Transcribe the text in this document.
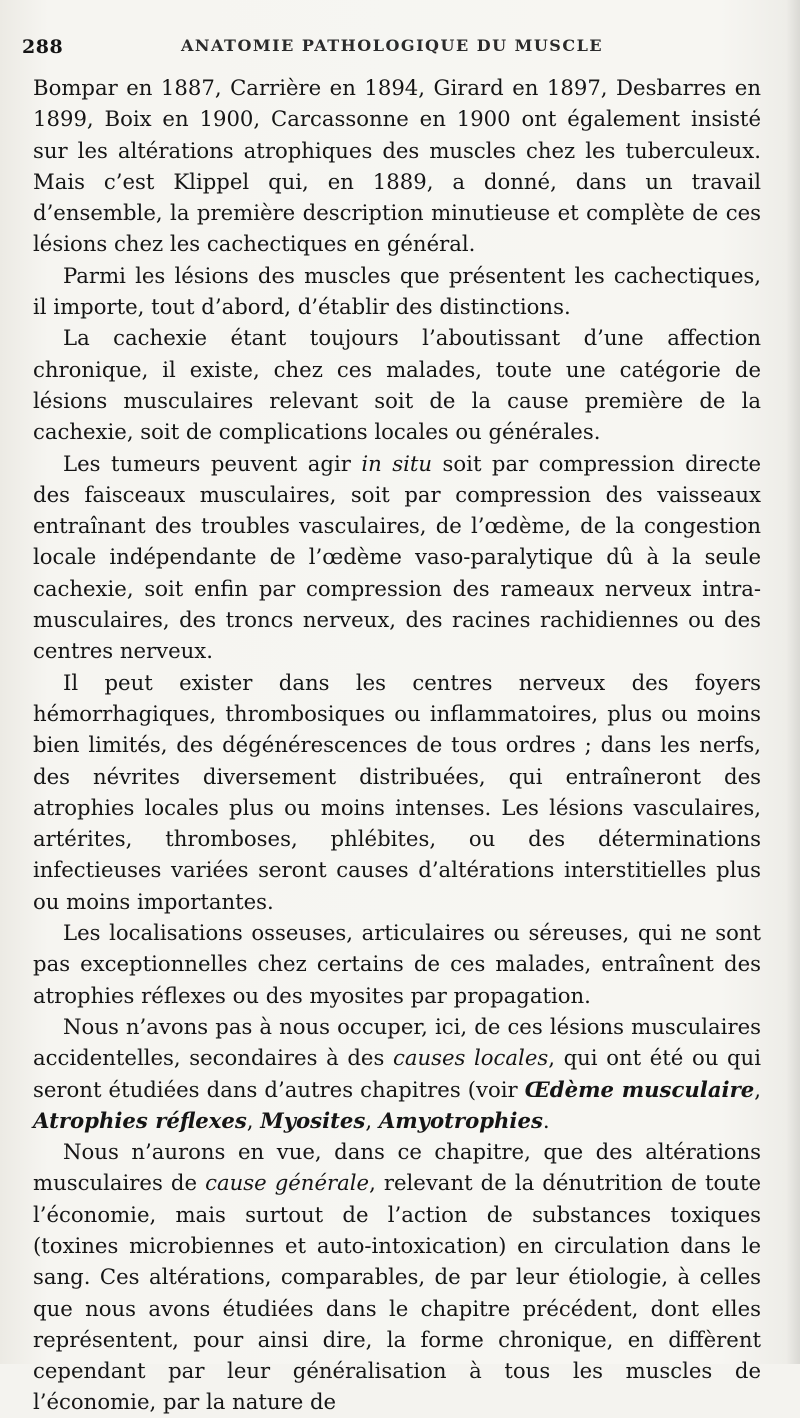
288	ANATOMIE PATHOLOGIQUE DU MUSCLE

Bompar en 1887, Carrière en 1894, Girard en 1897, Desbarres en 1899, Boix en 1900, Carcassonne en 1900 ont également insisté sur les altérations atrophiques des muscles chez les tuberculeux. Mais c’est Klippel qui, en 1889, a donné, dans un travail d’ensemble, la première description minutieuse et complète de ces lésions chez les cachectiques en général.

Parmi les lésions des muscles que présentent les cachectiques, il importe, tout d’abord, d’établir des distinctions.

La cachexie étant toujours l’aboutissant d’une affection chronique, il existe, chez ces malades, toute une catégorie de lésions musculaires relevant soit de la cause première de la cachexie, soit de complications locales ou générales.

Les tumeurs peuvent agir in situ soit par compression directe des faisceaux musculaires, soit par compression des vaisseaux entraînant des troubles vasculaires, de l’œdème, de la congestion locale indépendante de l’œdème vaso-paralytique dû à la seule cachexie, soit enfin par compression des rameaux nerveux intra-musculaires, des troncs nerveux, des racines rachidiennes ou des centres nerveux.

Il peut exister dans les centres nerveux des foyers hémorrhagiques, thrombosiques ou inflammatoires, plus ou moins bien limités, des dégénérescences de tous ordres ; dans les nerfs, des névrites diversement distribuées, qui entraîneront des atrophies locales plus ou moins intenses. Les lésions vasculaires, artérites, thromboses, phlébites, ou des déterminations infectieuses variées seront causes d’altérations interstitielles plus ou moins importantes.

Les localisations osseuses, articulaires ou séreuses, qui ne sont pas exceptionnelles chez certains de ces malades, entraînent des atrophies réflexes ou des myosites par propagation.

Nous n’avons pas à nous occuper, ici, de ces lésions musculaires accidentelles, secondaires à des causes locales, qui ont été ou qui seront étudiées dans d’autres chapitres (voir Œdème musculaire, Atrophies réflexes, Myosites, Amyotrophies.

Nous n’aurons en vue, dans ce chapitre, que des altérations musculaires de cause générale, relevant de la dénutrition de toute l’économie, mais surtout de l’action de substances toxiques (toxines microbiennes et auto-intoxication) en circulation dans le sang. Ces altérations, comparables, de par leur étiologie, à celles que nous avons étudiées dans le chapitre précédent, dont elles représentent, pour ainsi dire, la forme chronique, en diffèrent cependant par leur généralisation à tous les muscles de l’économie, par la nature de
